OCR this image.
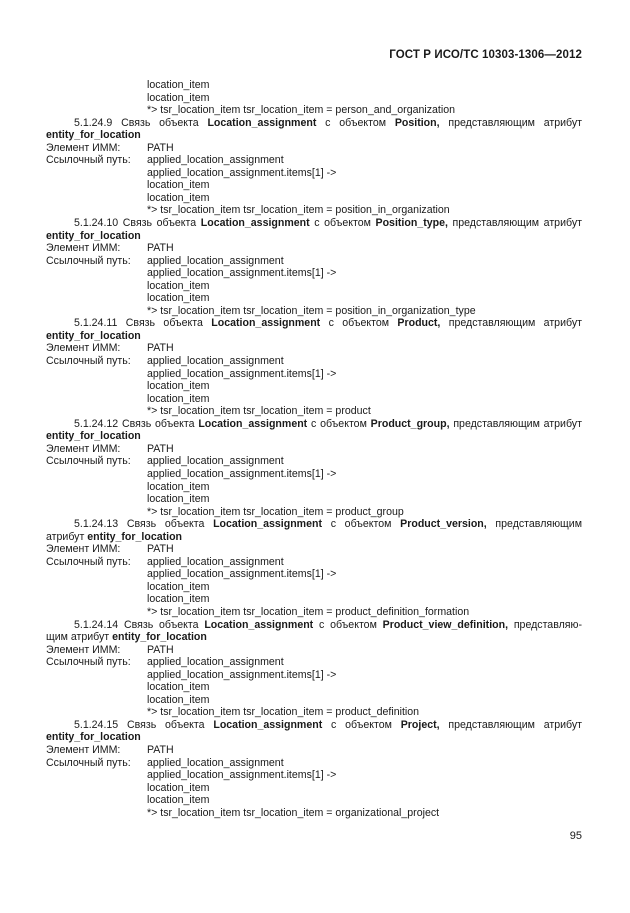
ГОСТ Р ИСО/ТС 10303-1306—2012
location_item
location_item
*> tsr_location_item tsr_location_item = person_and_organization
5.1.24.9 Связь объекта Location_assignment с объектом Position, представляющим атрибут
entity_for_location
Элемент ИММ:	PATH
Ссылочный путь:	applied_location_assignment
applied_location_assignment.items[1] ->
location_item
location_item
*> tsr_location_item tsr_location_item = position_in_organization
5.1.24.10 Связь объекта Location_assignment с объектом Position_type, представляющим атрибут
entity_for_location
Элемент ИММ:	PATH
Ссылочный путь:	applied_location_assignment
applied_location_assignment.items[1] ->
location_item
location_item
*> tsr_location_item tsr_location_item = position_in_organization_type
5.1.24.11 Связь объекта Location_assignment с объектом Product, представляющим атрибут
entity_for_location
Элемент ИММ:	PATH
Ссылочный путь:	applied_location_assignment
applied_location_assignment.items[1] ->
location_item
location_item
*> tsr_location_item tsr_location_item = product
5.1.24.12 Связь объекта Location_assignment с объектом Product_group, представляющим атрибут
entity_for_location
Элемент ИММ:	PATH
Ссылочный путь:	applied_location_assignment
applied_location_assignment.items[1] ->
location_item
location_item
*> tsr_location_item tsr_location_item = product_group
5.1.24.13 Связь объекта Location_assignment с объектом Product_version, представляющим
атрибут entity_for_location
Элемент ИММ:	PATH
Ссылочный путь:	applied_location_assignment
applied_location_assignment.items[1] ->
location_item
location_item
*> tsr_location_item tsr_location_item = product_definition_formation
5.1.24.14 Связь объекта Location_assignment с объектом Product_view_definition, представляю-
щим атрибут entity_for_location
Элемент ИММ:	PATH
Ссылочный путь:	applied_location_assignment
applied_location_assignment.items[1] ->
location_item
location_item
*> tsr_location_item tsr_location_item = product_definition
5.1.24.15 Связь объекта Location_assignment с объектом Project, представляющим атрибут
entity_for_location
Элемент ИММ:	PATH
Ссылочный путь:	applied_location_assignment
applied_location_assignment.items[1] ->
location_item
location_item
*> tsr_location_item tsr_location_item = organizational_project
95
